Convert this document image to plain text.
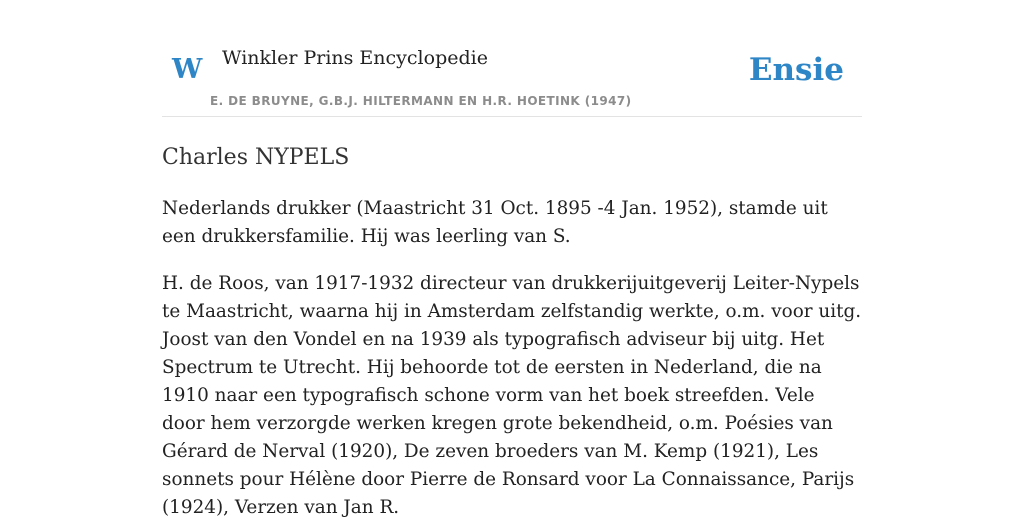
W Winkler Prins Encyclopedie
E. DE BRUYNE, G.B.J. HILTERMANN EN H.R. HOETINK (1947)
Ensie
Charles NYPELS

Nederlands drukker (Maastricht 31 Oct. 1895 -4 Jan. 1952), stamde uit een drukkersfamilie. Hij was leerling van S.

H. de Roos, van 1917-1932 directeur van drukkerijuitgeverij Leiter-Nypels te Maastricht, waarna hij in Amsterdam zelfstandig werkte, o.m. voor uitg. Joost van den Vondel en na 1939 als typografisch adviseur bij uitg. Het Spectrum te Utrecht. Hij behoorde tot de eersten in Nederland, die na 1910 naar een typografisch schone vorm van het boek streefden. Vele door hem verzorgde werken kregen grote bekendheid, o.m. Poésies van Gérard de Nerval (1920), De zeven broeders van M. Kemp (1921), Les sonnets pour Hélène door Pierre de Ronsard voor La Connaissance, Parijs (1924), Verzen van Jan R.
